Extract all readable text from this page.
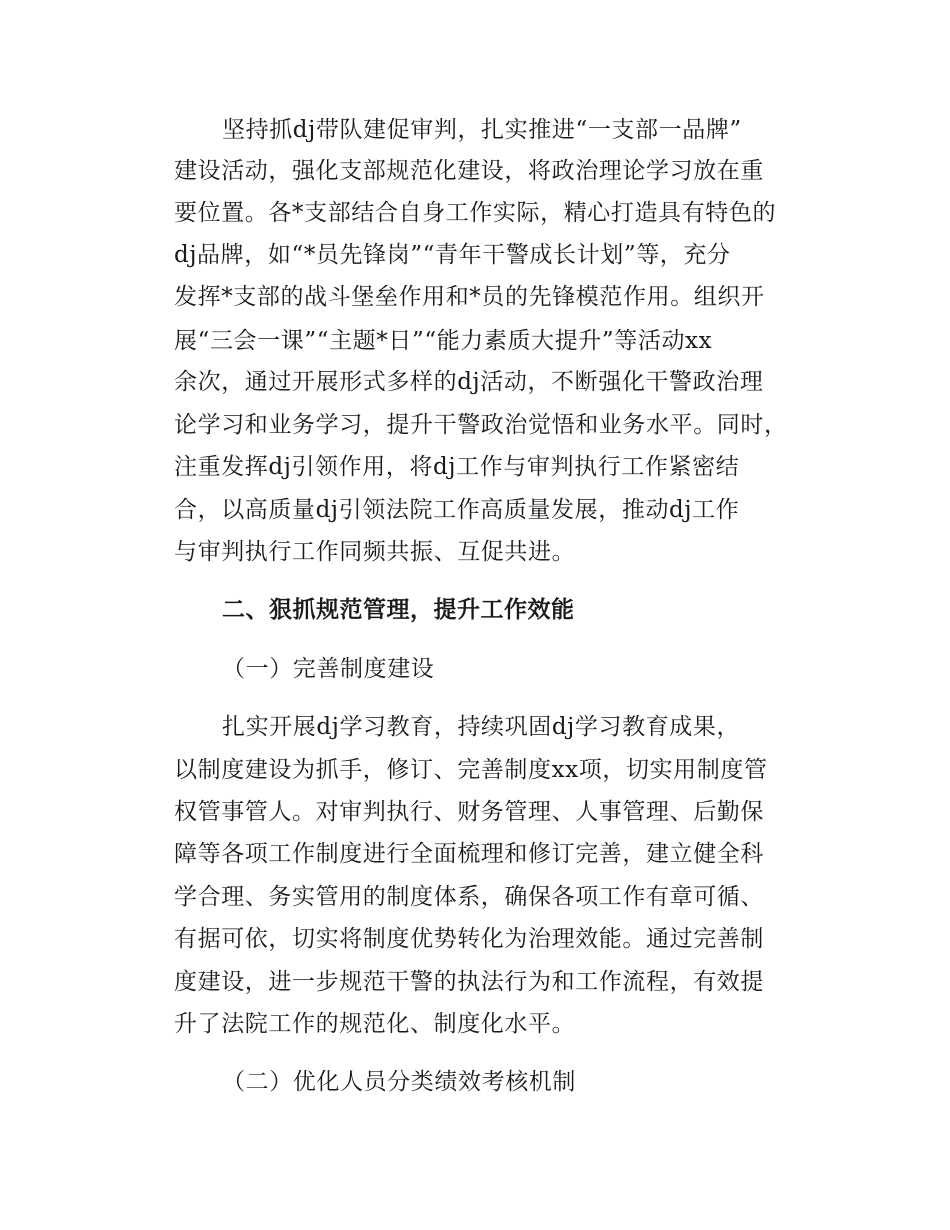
坚持抓dj带队建促审判，扎实推进“一支部一品牌”
建设活动，强化支部规范化建设，将政治理论学习放在重
要位置。各*支部结合自身工作实际，精心打造具有特色的
dj品牌，如“*员先锋岗”“青年干警成长计划”等，充分
发挥*支部的战斗堡垒作用和*员的先锋模范作用。组织开
展“三会一课”“主题*日”“能力素质大提升”等活动xx
余次，通过开展形式多样的dj活动，不断强化干警政治理
论学习和业务学习，提升干警政治觉悟和业务水平。同时，
注重发挥dj引领作用，将dj工作与审判执行工作紧密结
合，以高质量dj引领法院工作高质量发展，推动dj工作
与审判执行工作同频共振、互促共进。
二、狠抓规范管理，提升工作效能
（一）完善制度建设
扎实开展dj学习教育，持续巩固dj学习教育成果，
以制度建设为抓手，修订、完善制度xx项，切实用制度管
权管事管人。对审判执行、财务管理、人事管理、后勤保
障等各项工作制度进行全面梳理和修订完善，建立健全科
学合理、务实管用的制度体系，确保各项工作有章可循、
有据可依，切实将制度优势转化为治理效能。通过完善制
度建设，进一步规范干警的执法行为和工作流程，有效提
升了法院工作的规范化、制度化水平。
（二）优化人员分类绩效考核机制
